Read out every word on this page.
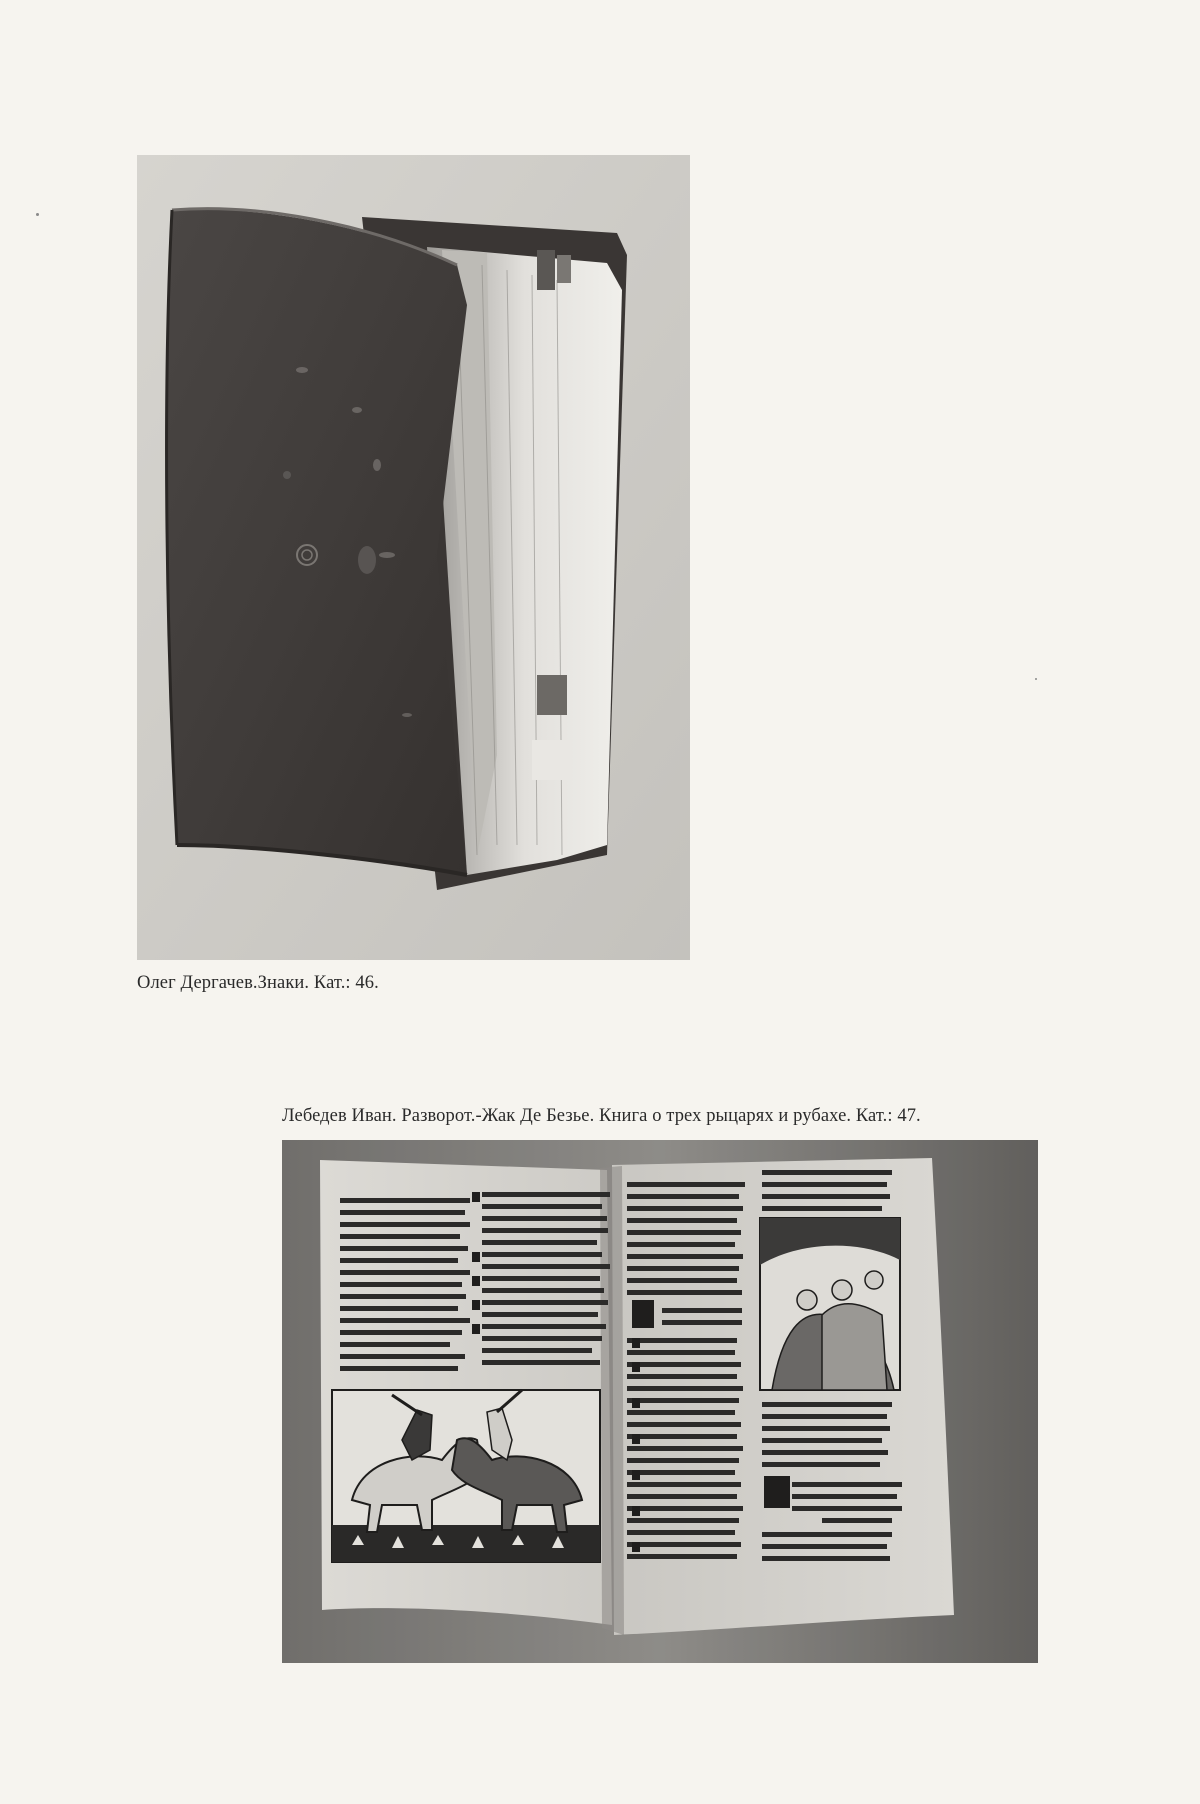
Олег Дергачев.Знаки. Кат.: 46.
Лебедев Иван. Разворот.-Жак Де Безье. Книга о трех рыцарях и рубахе. Кат.: 47.
